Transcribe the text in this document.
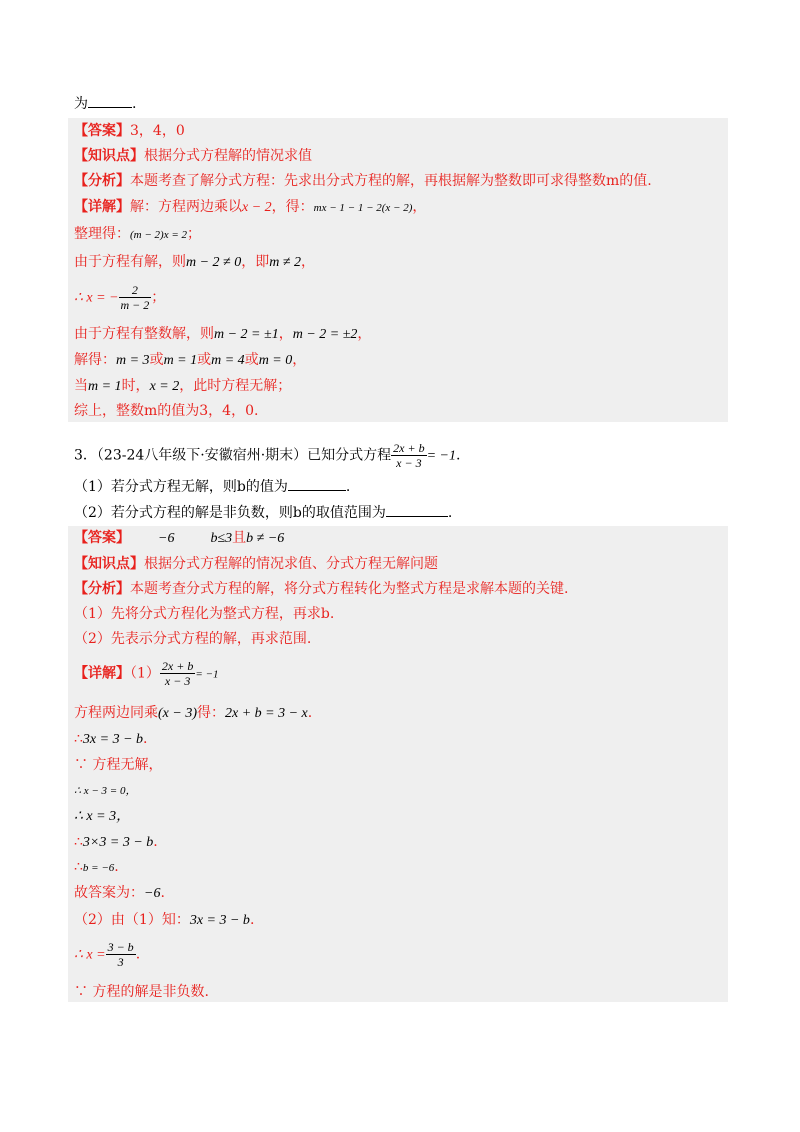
为	.
【答案】3，4，0
【知识点】根据分式方程解的情况求值
【分析】本题考查了解分式方程：先求出分式方程的解，再根据解为整数即可求得整数m的值.
【详解】解：方程两边乘以x − 2，得：mx − 1 − 1 − 2(x − 2)，
整理得：(m − 2)x = 2；
由于方程有解，则m − 2 ≠ 0，即m ≠ 2，
∴ x = − $\frac{2}{m - 2}$ ；
由于方程有整数解，则m − 2 = ±1，m − 2 = ±2，
解得：m = 3或m = 1或m = 4或m = 0，
当m = 1时，x = 2，此时方程无解；
综上，整数m的值为3，4，0.
3．（23-24八年级下·安徽宿州·期末）已知分式方程 $\frac{2x + b}{x - 3} = -1$.
（1）若分式方程无解，则b的值为	.
（2）若分式方程的解是非负数，则b的取值范围为	.
【答案】 −6	b≤3且b ≠ −6
【知识点】根据分式方程解的情况求值、分式方程无解问题
【分析】本题考查分式方程的解，将分式方程转化为整式方程是求解本题的关键.
（1）先将分式方程化为整式方程，再求b.
（2）先表示分式方程的解，再求范围.
【详解】$(1) \frac{2x + b}{x - 3} = -1$
方程两边同乘(x − 3)得：2x + b = 3 − x.
∴3x = 3 − b.
∵ 方程无解，
∴ x − 3 = 0，
∴ x = 3，
∴3×3 = 3 − b.
∴b = −6.
故答案为：−6.
（2）由（1）知：3x = 3 − b.
∴ $x = \frac{3 - b}{3}$ .
∵ 方程的解是非负数.
